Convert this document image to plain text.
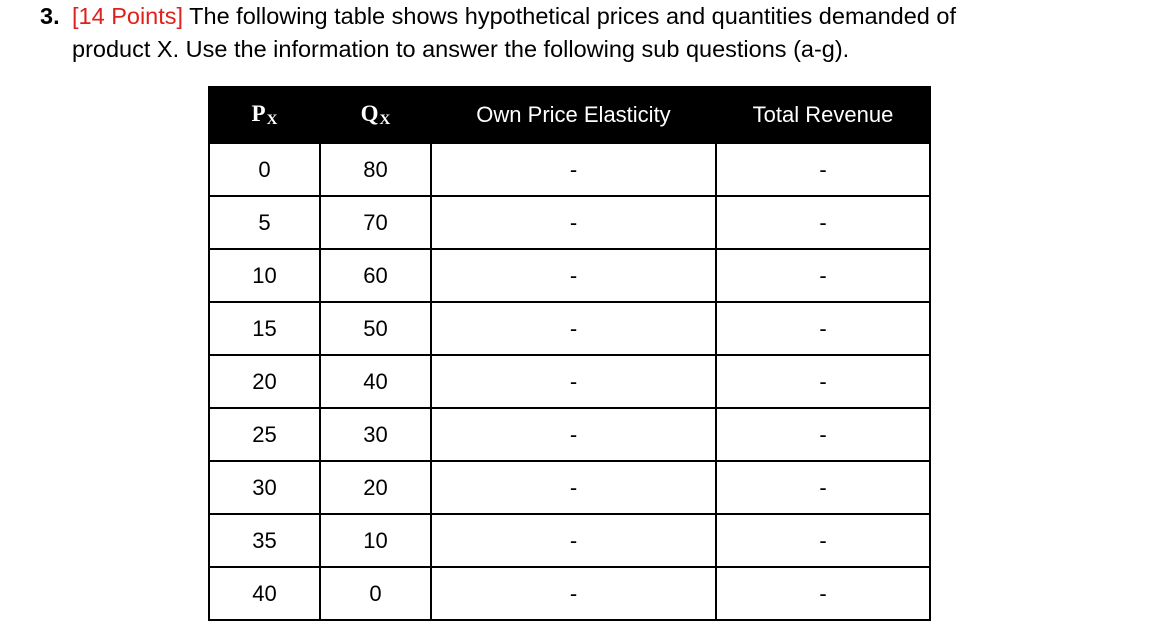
3. [14 Points] The following table shows hypothetical prices and quantities demanded of
product X. Use the information to answer the following sub questions (a-g).
$P_X$	$Q_X$	Own Price Elasticity	Total Revenue
0	80	-	-
5	70	-	-
10	60	-	-
15	50	-	-
20	40	-	-
25	30	-	-
30	20	-	-
35	10	-	-
40	0	-	-
